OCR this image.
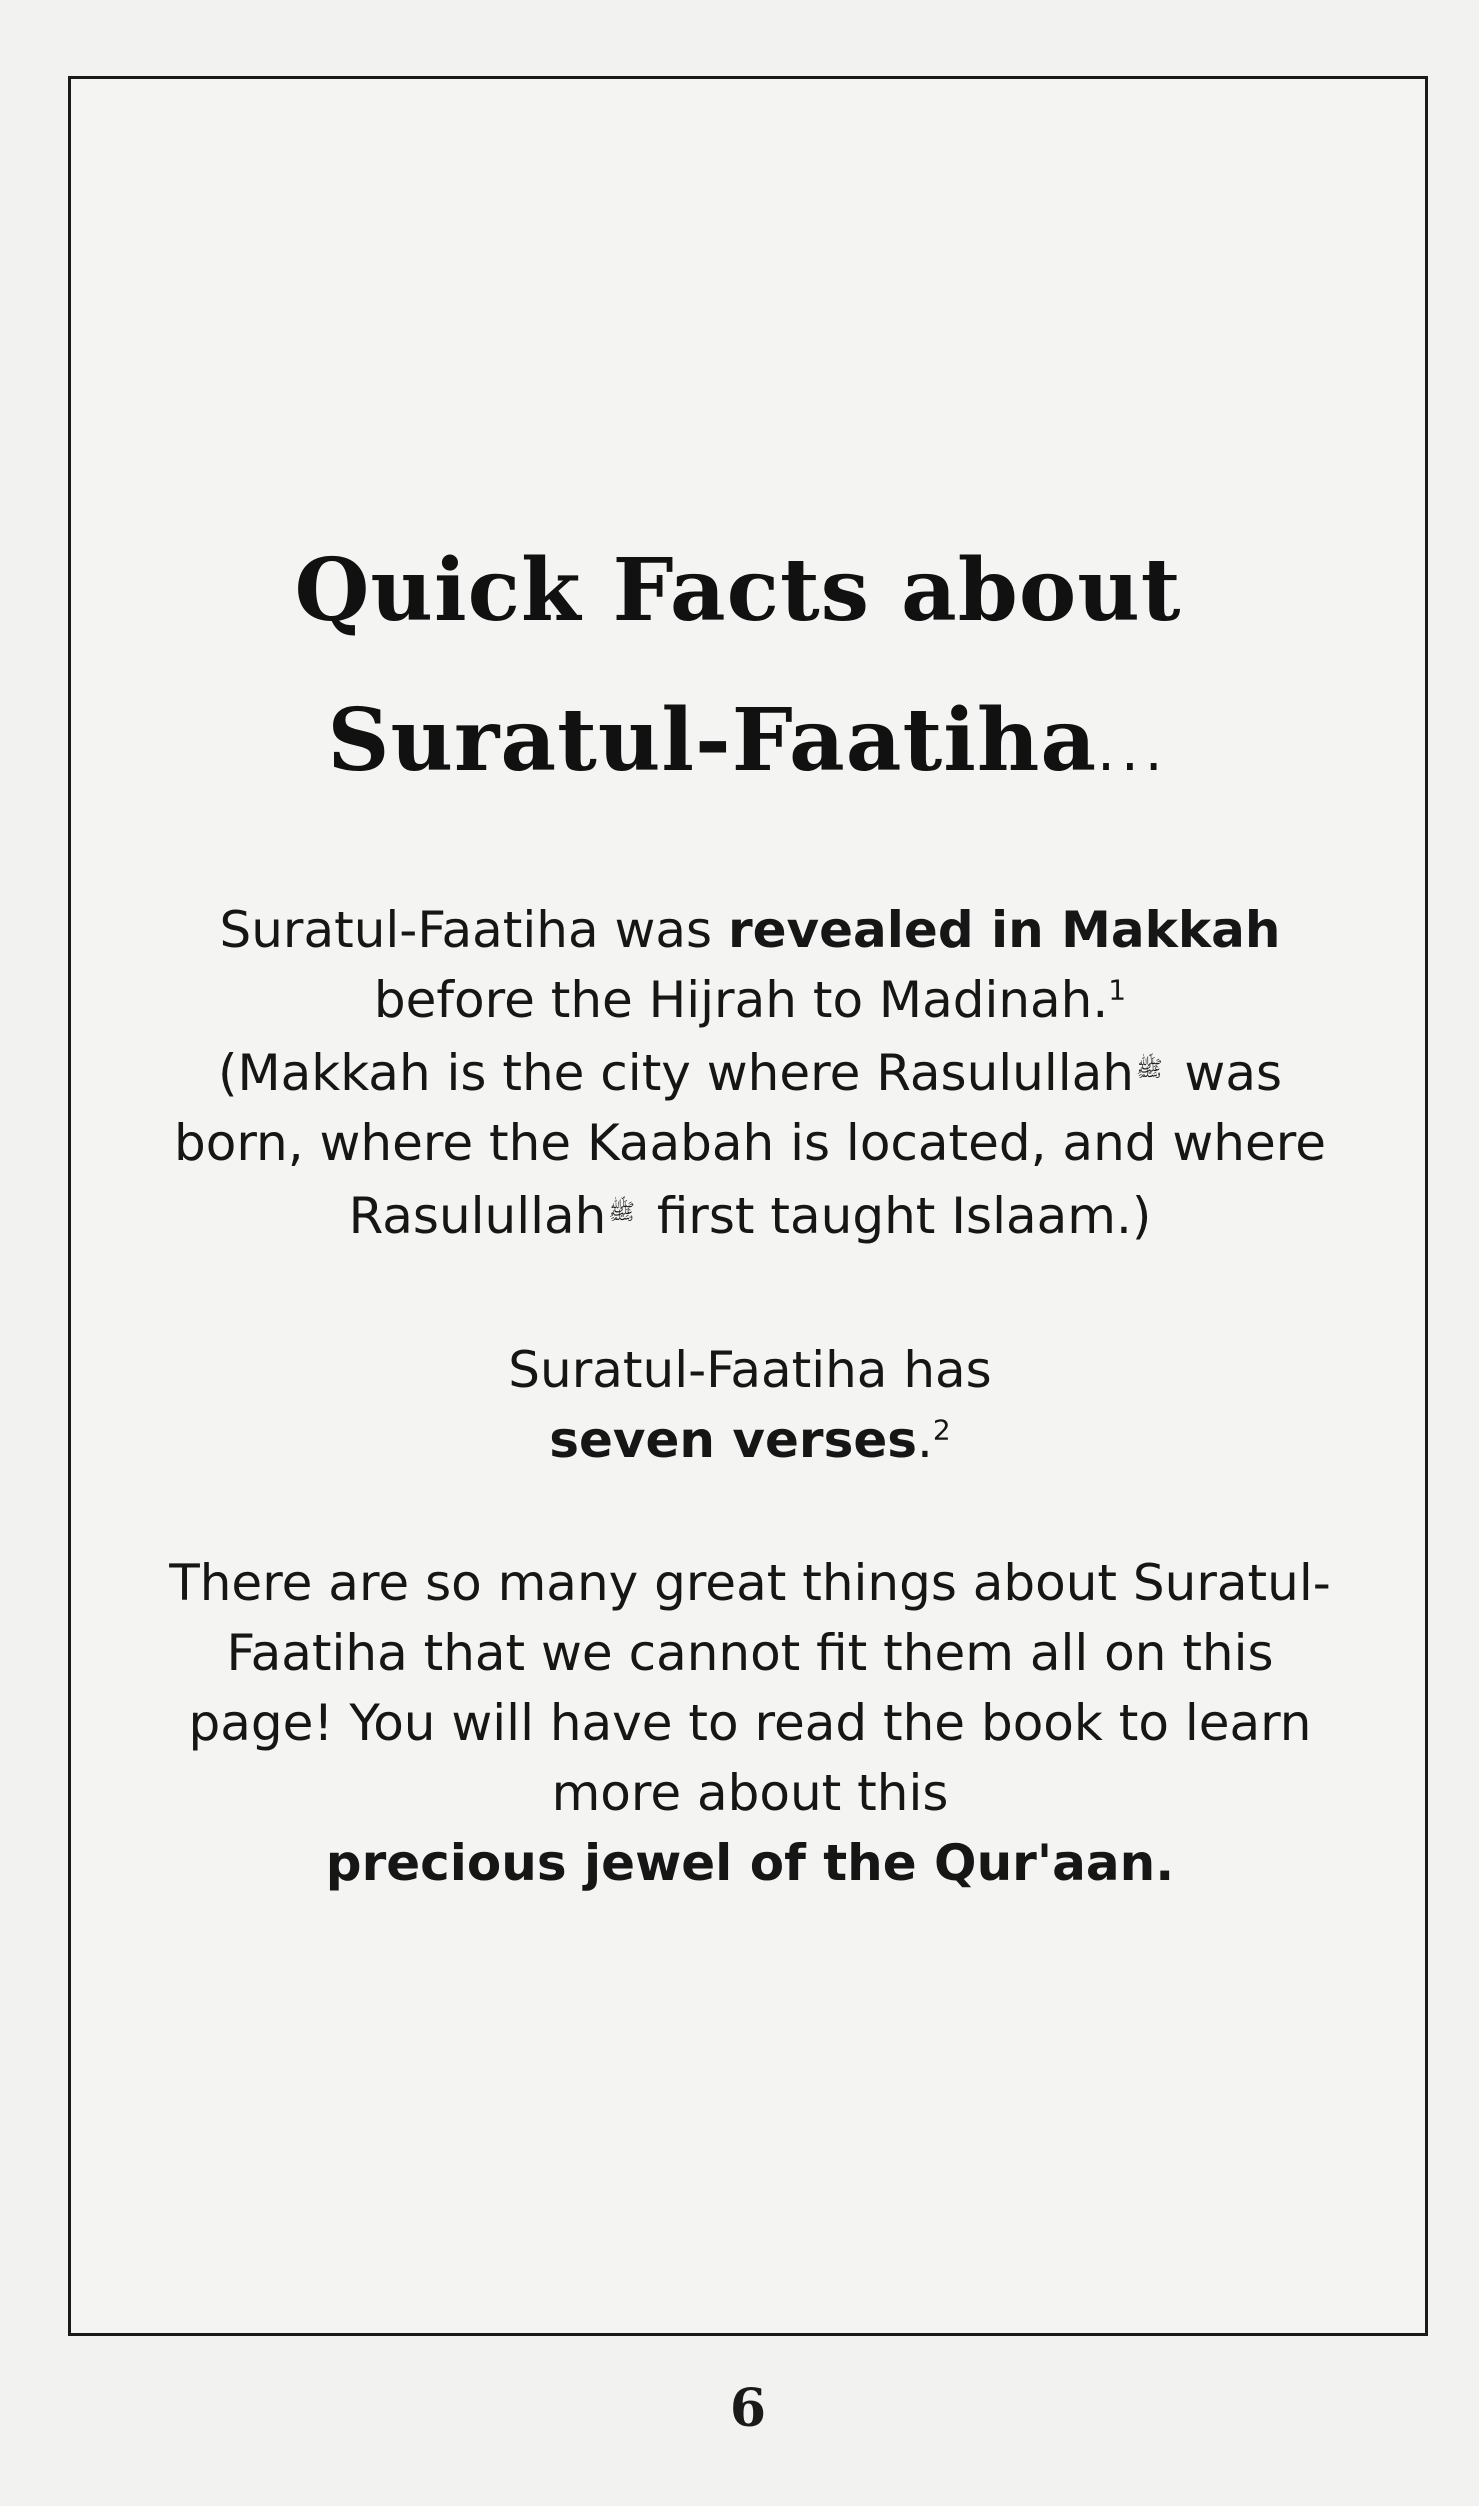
Quick Facts about
Suratul-Faatiha...
Suratul-Faatiha was revealed in Makkah
before the Hijrah to Madinah.$^1$
(Makkah is the city where Rasulullahﷺ was born, where the Kaabah is located, and where Rasulullahﷺ first taught Islaam.)
Suratul-Faatiha has
seven verses.$^2$
There are so many great things about Suratul-Faatiha that we cannot fit them all on this page! You will have to read the book to learn more about this
precious jewel of the Qur'aan.
6
